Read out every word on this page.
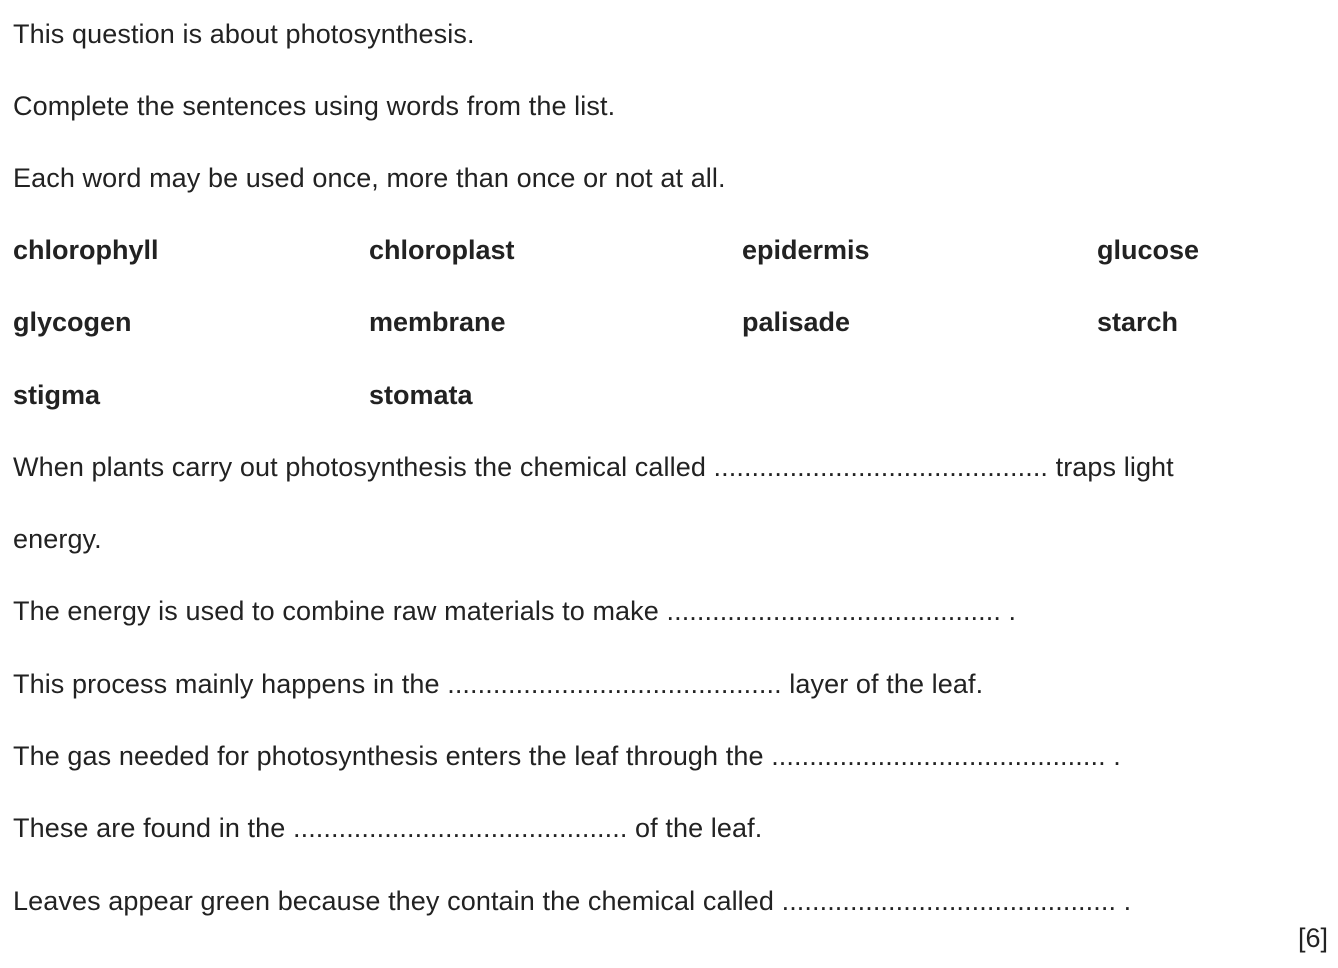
This question is about photosynthesis.
Complete the sentences using words from the list.
Each word may be used once, more than once or not at all.
chlorophyll	chloroplast	epidermis	glucose
glycogen	membrane	palisade	starch
stigma	stomata
When plants carry out photosynthesis the chemical called ............................................ traps light
energy.
The energy is used to combine raw materials to make ............................................ .
This process mainly happens in the ............................................ layer of the leaf.
The gas needed for photosynthesis enters the leaf through the ............................................ .
These are found in the ............................................ of the leaf.
Leaves appear green because they contain the chemical called ............................................ .
[6]
